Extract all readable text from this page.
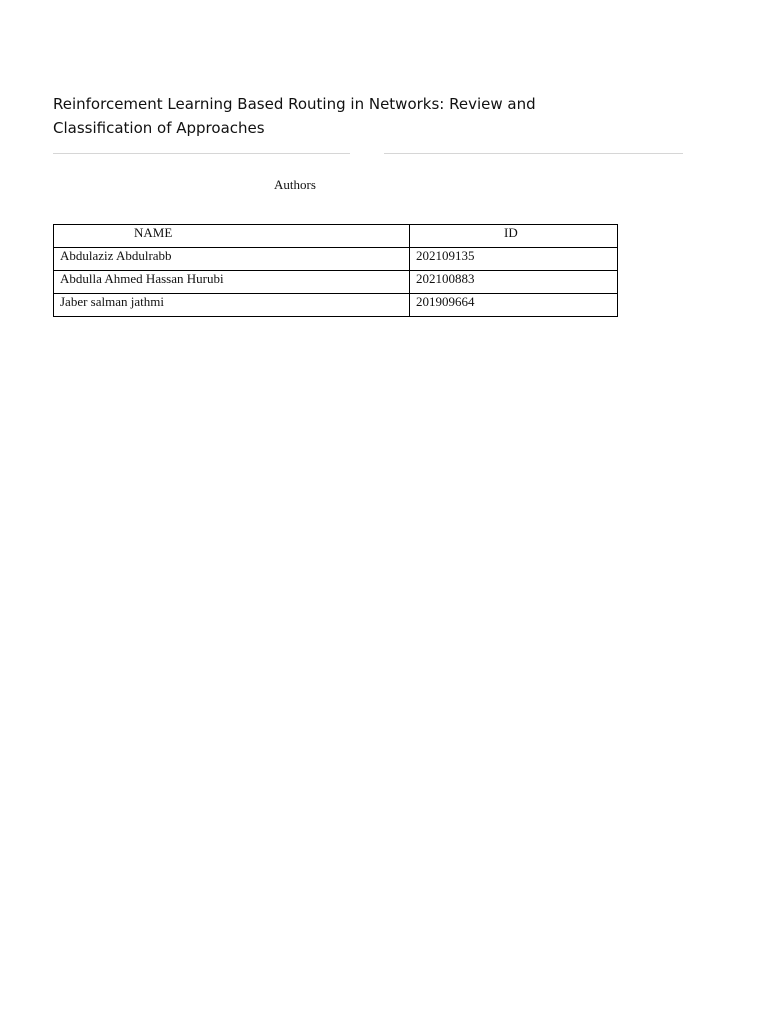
Reinforcement Learning Based Routing in Networks: Review and Classification of Approaches
Authors
NAME	ID
Abdulaziz Abdulrabb	202109135
Abdulla Ahmed Hassan Hurubi	202100883
Jaber salman jathmi	201909664
